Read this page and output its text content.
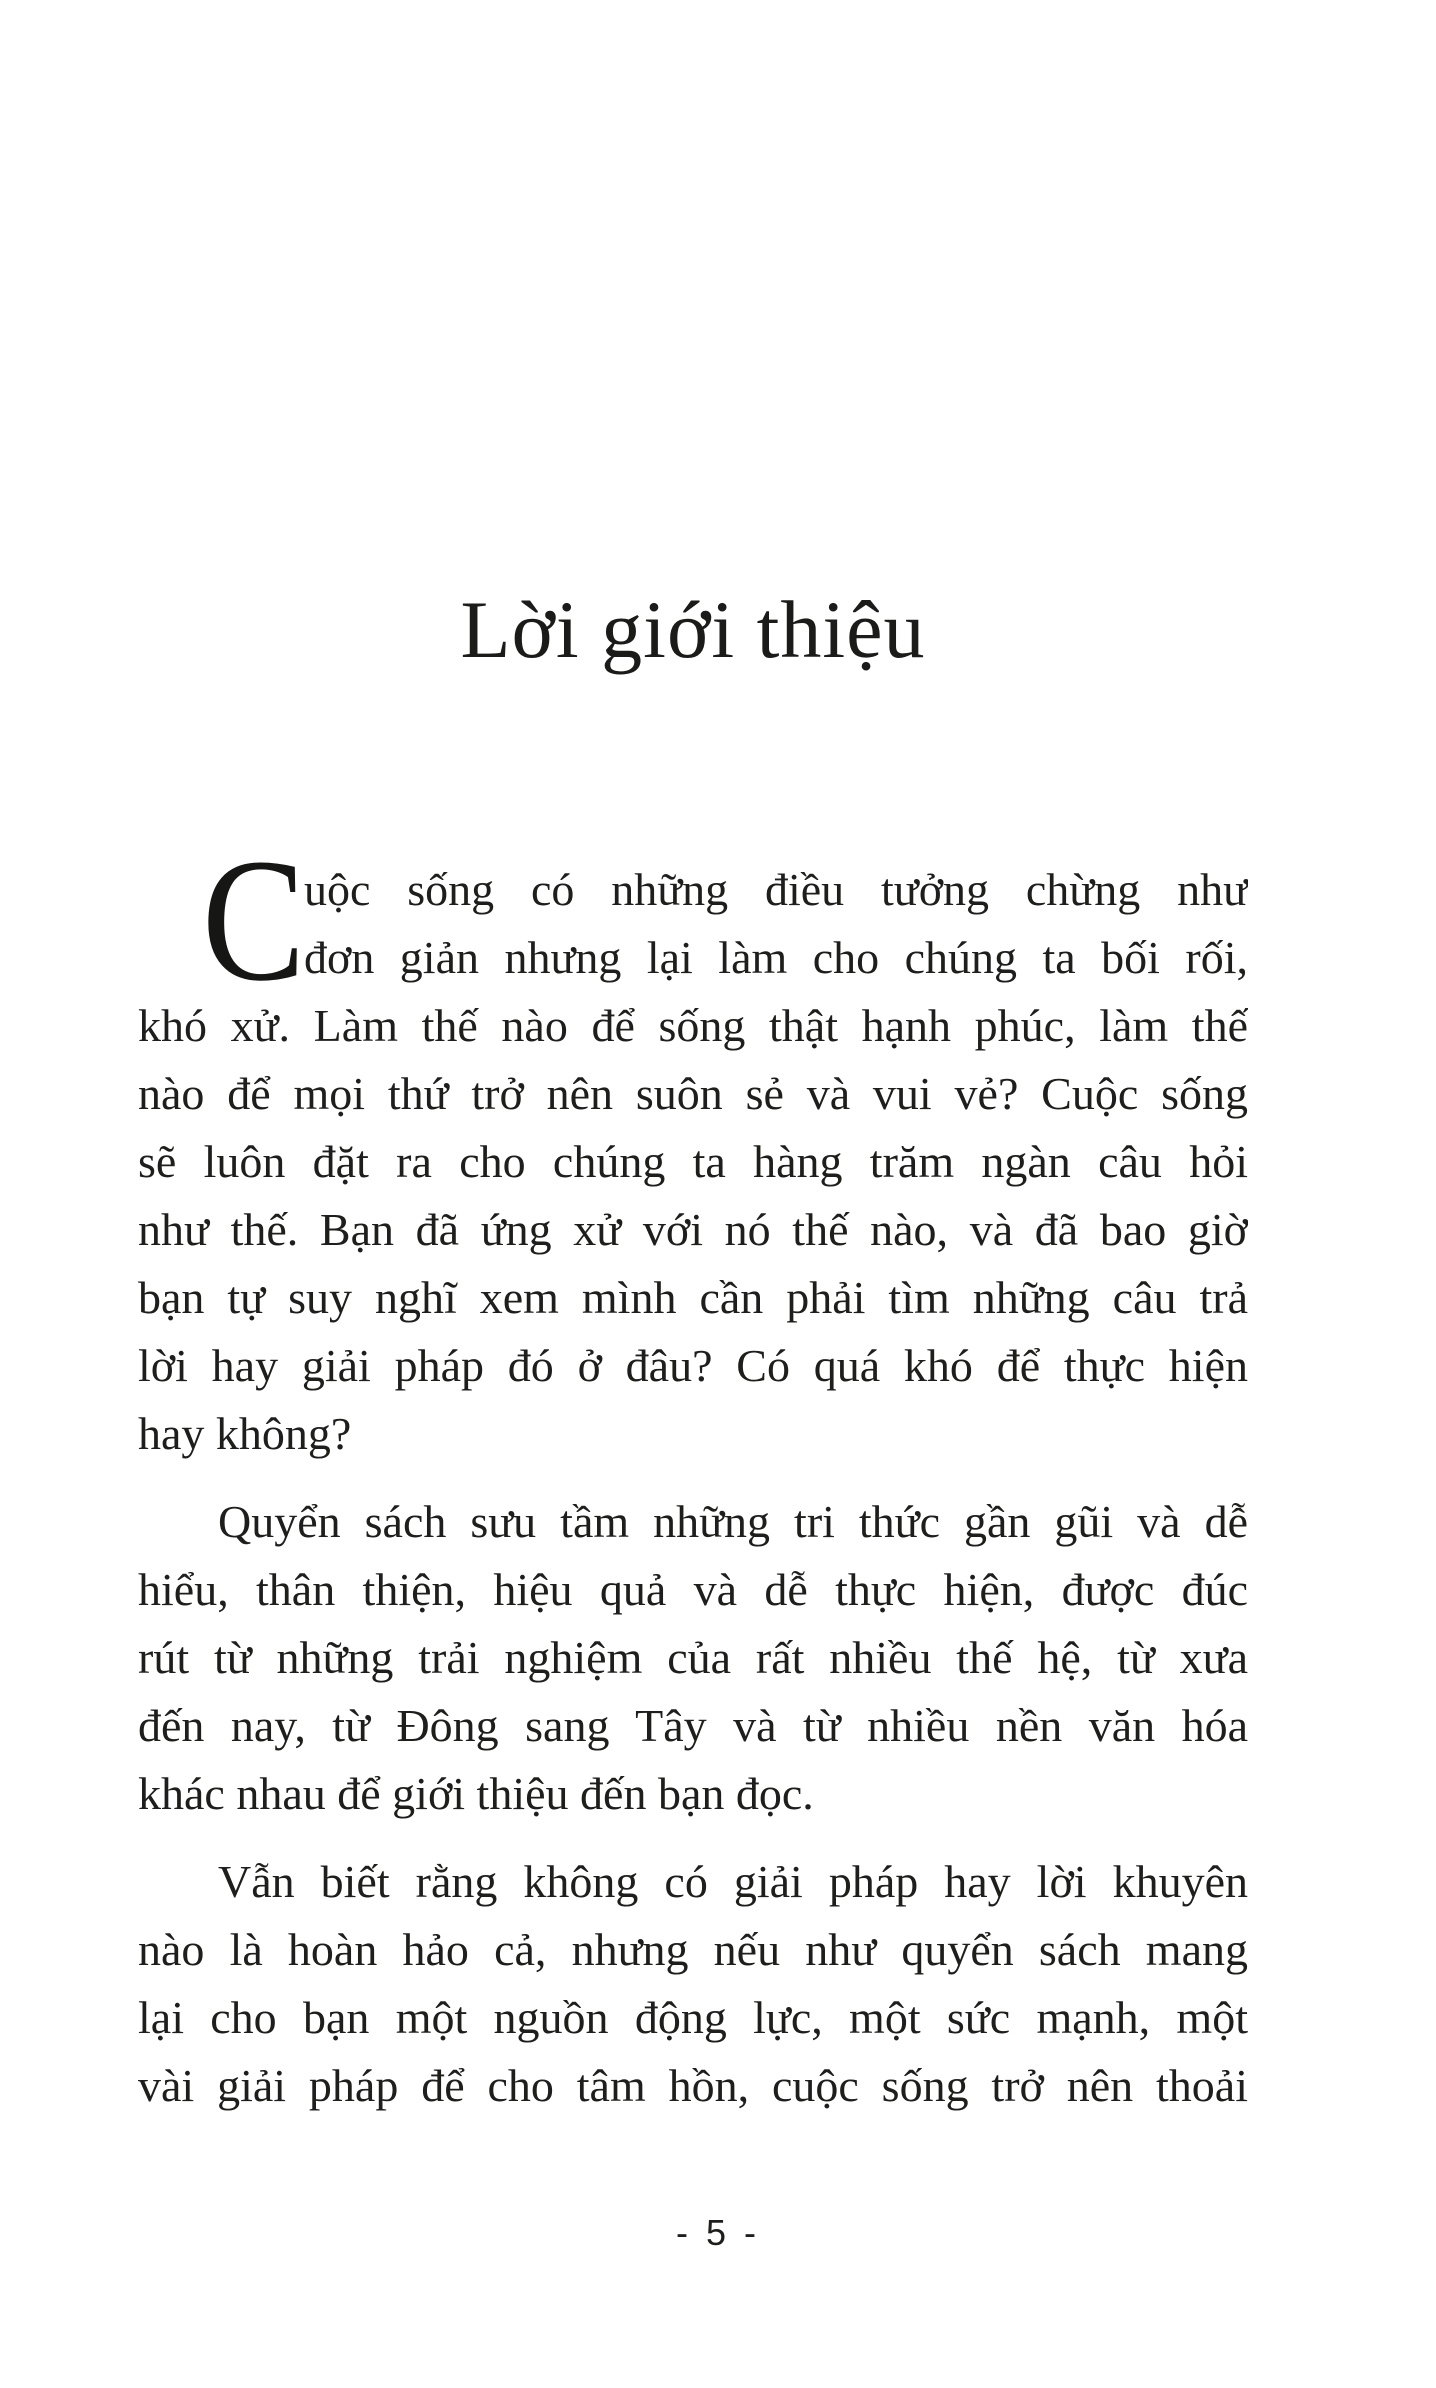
Lời giới thiệu
C
uộc sống có những điều tưởng chừng như
đơn giản nhưng lại làm cho chúng ta bối rối,
khó xử. Làm thế nào để sống thật hạnh phúc, làm thế
nào để mọi thứ trở nên suôn sẻ và vui vẻ? Cuộc sống
sẽ luôn đặt ra cho chúng ta hàng trăm ngàn câu hỏi
như thế. Bạn đã ứng xử với nó thế nào, và đã bao giờ
bạn tự suy nghĩ xem mình cần phải tìm những câu trả
lời hay giải pháp đó ở đâu? Có quá khó để thực hiện
hay không?
Quyển sách sưu tầm những tri thức gần gũi và dễ
hiểu, thân thiện, hiệu quả và dễ thực hiện, được đúc
rút từ những trải nghiệm của rất nhiều thế hệ, từ xưa
đến nay, từ Đông sang Tây và từ nhiều nền văn hóa
khác nhau để giới thiệu đến bạn đọc.
Vẫn biết rằng không có giải pháp hay lời khuyên
nào là hoàn hảo cả, nhưng nếu như quyển sách mang
lại cho bạn một nguồn động lực, một sức mạnh, một
vài giải pháp để cho tâm hồn, cuộc sống trở nên thoải
- 5 -
